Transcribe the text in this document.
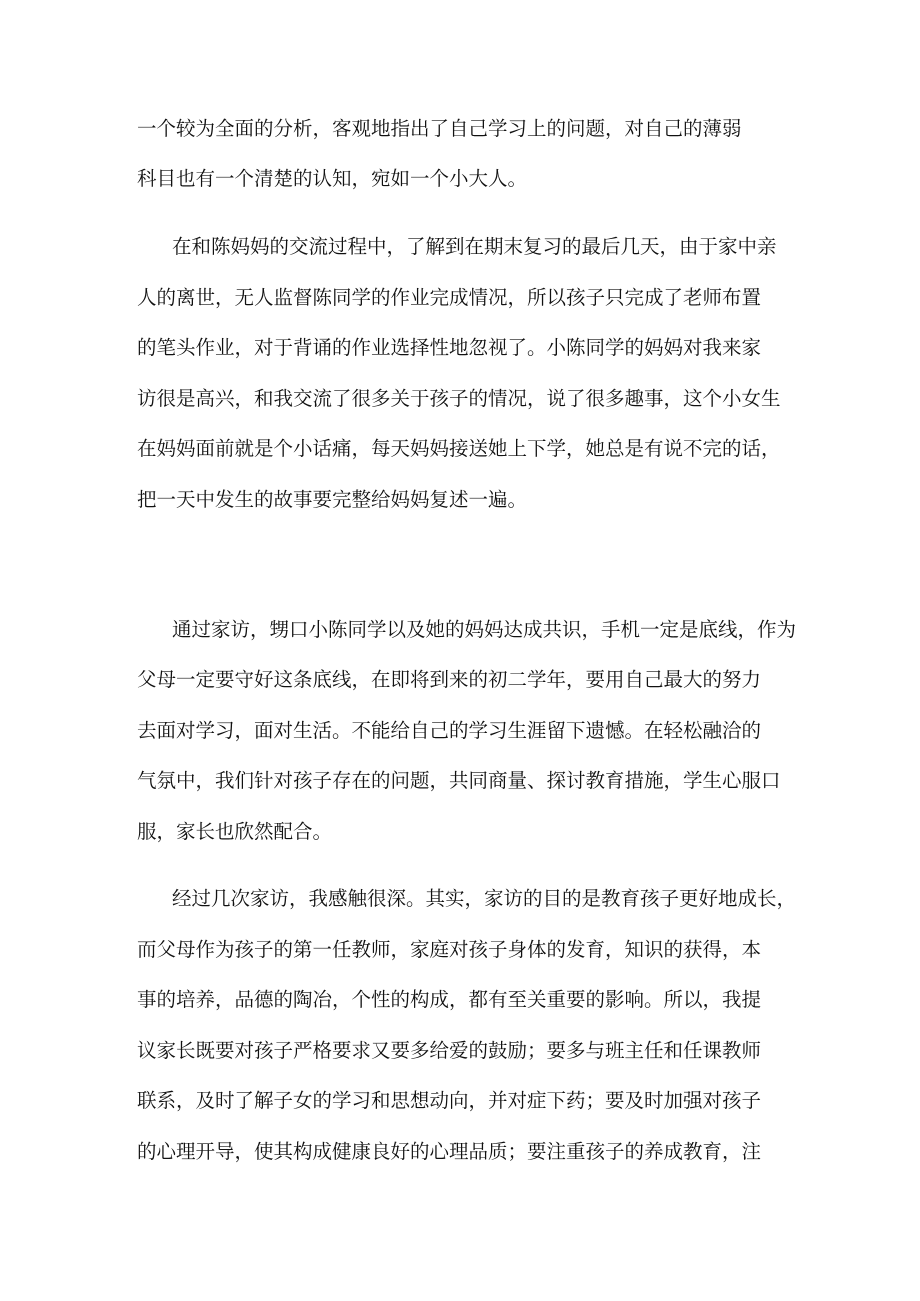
一个较为全面的分析，客观地指出了自己学习上的问题，对自己的薄弱
科目也有一个清楚的认知，宛如一个小大人。
在和陈妈妈的交流过程中，了解到在期末复习的最后几天，由于家中亲
人的离世，无人监督陈同学的作业完成情况，所以孩子只完成了老师布置
的笔头作业，对于背诵的作业选择性地忽视了。小陈同学的妈妈对我来家
访很是高兴，和我交流了很多关于孩子的情况，说了很多趣事，这个小女生
在妈妈面前就是个小话痛，每天妈妈接送她上下学，她总是有说不完的话，
把一天中发生的故事要完整给妈妈复述一遍。
通过家访，甥口小陈同学以及她的妈妈达成共识，手机一定是底线，作为
父母一定要守好这条底线，在即将到来的初二学年，要用自己最大的努力
去面对学习，面对生活。不能给自己的学习生涯留下遗憾。在轻松融洽的
气氛中，我们针对孩子存在的问题，共同商量、探讨教育措施，学生心服口
服，家长也欣然配合。
经过几次家访，我感触很深。其实，家访的目的是教育孩子更好地成长，
而父母作为孩子的第一任教师，家庭对孩子身体的发育，知识的获得，本
事的培养，品德的陶冶，个性的构成，都有至关重要的影响。所以，我提
议家长既要对孩子严格要求又要多给爱的鼓励；要多与班主任和任课教师
联系，及时了解子女的学习和思想动向，并对症下药；要及时加强对孩子
的心理开导，使其构成健康良好的心理品质；要注重孩子的养成教育，注
